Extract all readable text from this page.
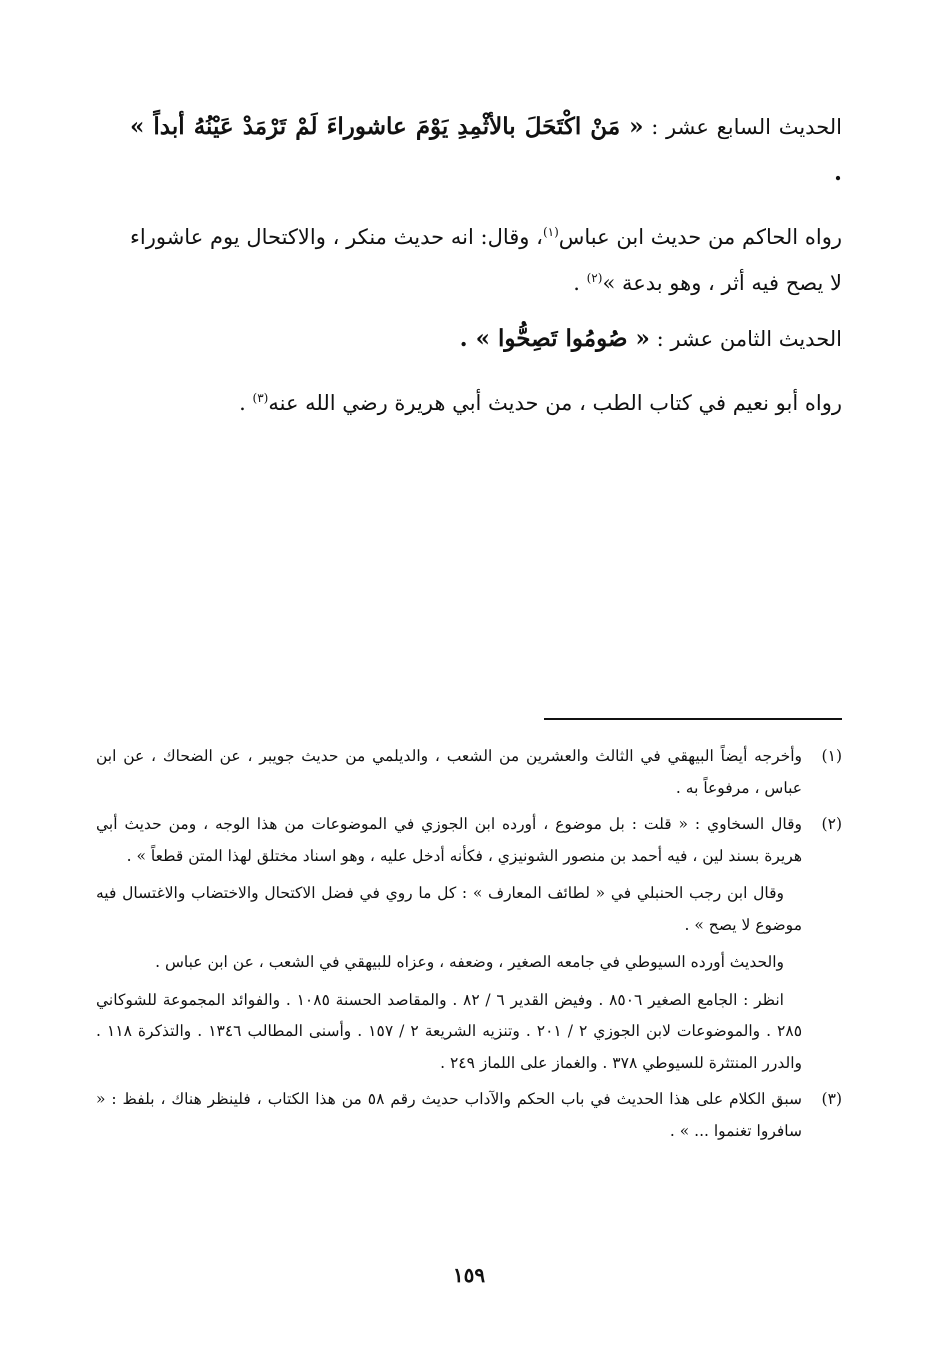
الحديث السابع عشر : « مَنْ اكْتَحَلَ بالأثْمِدِ يَوْمَ عاشوراءَ لَمْ تَرْمَدْ عَيْنُهُ أبداً » .

رواه الحاكم من حديث ابن عباس$^{(١)}$، وقال: انه حديث منكر ، والاكتحال يوم عاشوراء لا يصح فيه أثر ، وهو بدعة »$^{(٢)}$ .

الحديث الثامن عشر : « صُومُوا تَصِحُّوا » .

رواه أبو نعيم في كتاب الطب ، من حديث أبي هريرة رضي الله عنه$^{(٣)}$ .

(١)

وأخرجه أيضاً البيهقي في الثالث والعشرين من الشعب ، والديلمي من حديث جويبر ، عن الضحاك ، عن ابن عباس ، مرفوعاً به .

(٢)

وقال السخاوي : « قلت : بل موضوع ، أورده ابن الجوزي في الموضوعات من هذا الوجه ، ومن حديث أبي هريرة بسند لين ، فيه أحمد بن منصور الشونيزي ، فكأنه أدخل عليه ، وهو اسناد مختلق لهذا المتن قطعاً » .

وقال ابن رجب الحنبلي في « لطائف المعارف » : كل ما روي في فضل الاكتحال والاختضاب والاغتسال فيه موضوع لا يصح » .

والحديث أورده السيوطي في جامعه الصغير ، وضعفه ، وعزاه للبيهقي في الشعب ، عن ابن عباس .

انظر : الجامع الصغير ٨٥٠٦ . وفيض القدير ٦ / ٨٢ . والمقاصد الحسنة ١٠٨٥ . والفوائد المجموعة للشوكاني ٢٨٥ . والموضوعات لابن الجوزي ٢ / ٢٠١ . وتنزيه الشريعة ٢ / ١٥٧ . وأسنى المطالب ١٣٤٦ . والتذكرة ١١٨ . والدرر المنتثرة للسيوطي ٣٧٨ . والغماز على اللماز ٢٤٩ .

(٣)

سبق الكلام على هذا الحديث في باب الحكم والآداب حديث رقم ٥٨ من هذا الكتاب ، فلينظر هناك ، بلفظ : « سافروا تغنموا ... » .

١٥٩
